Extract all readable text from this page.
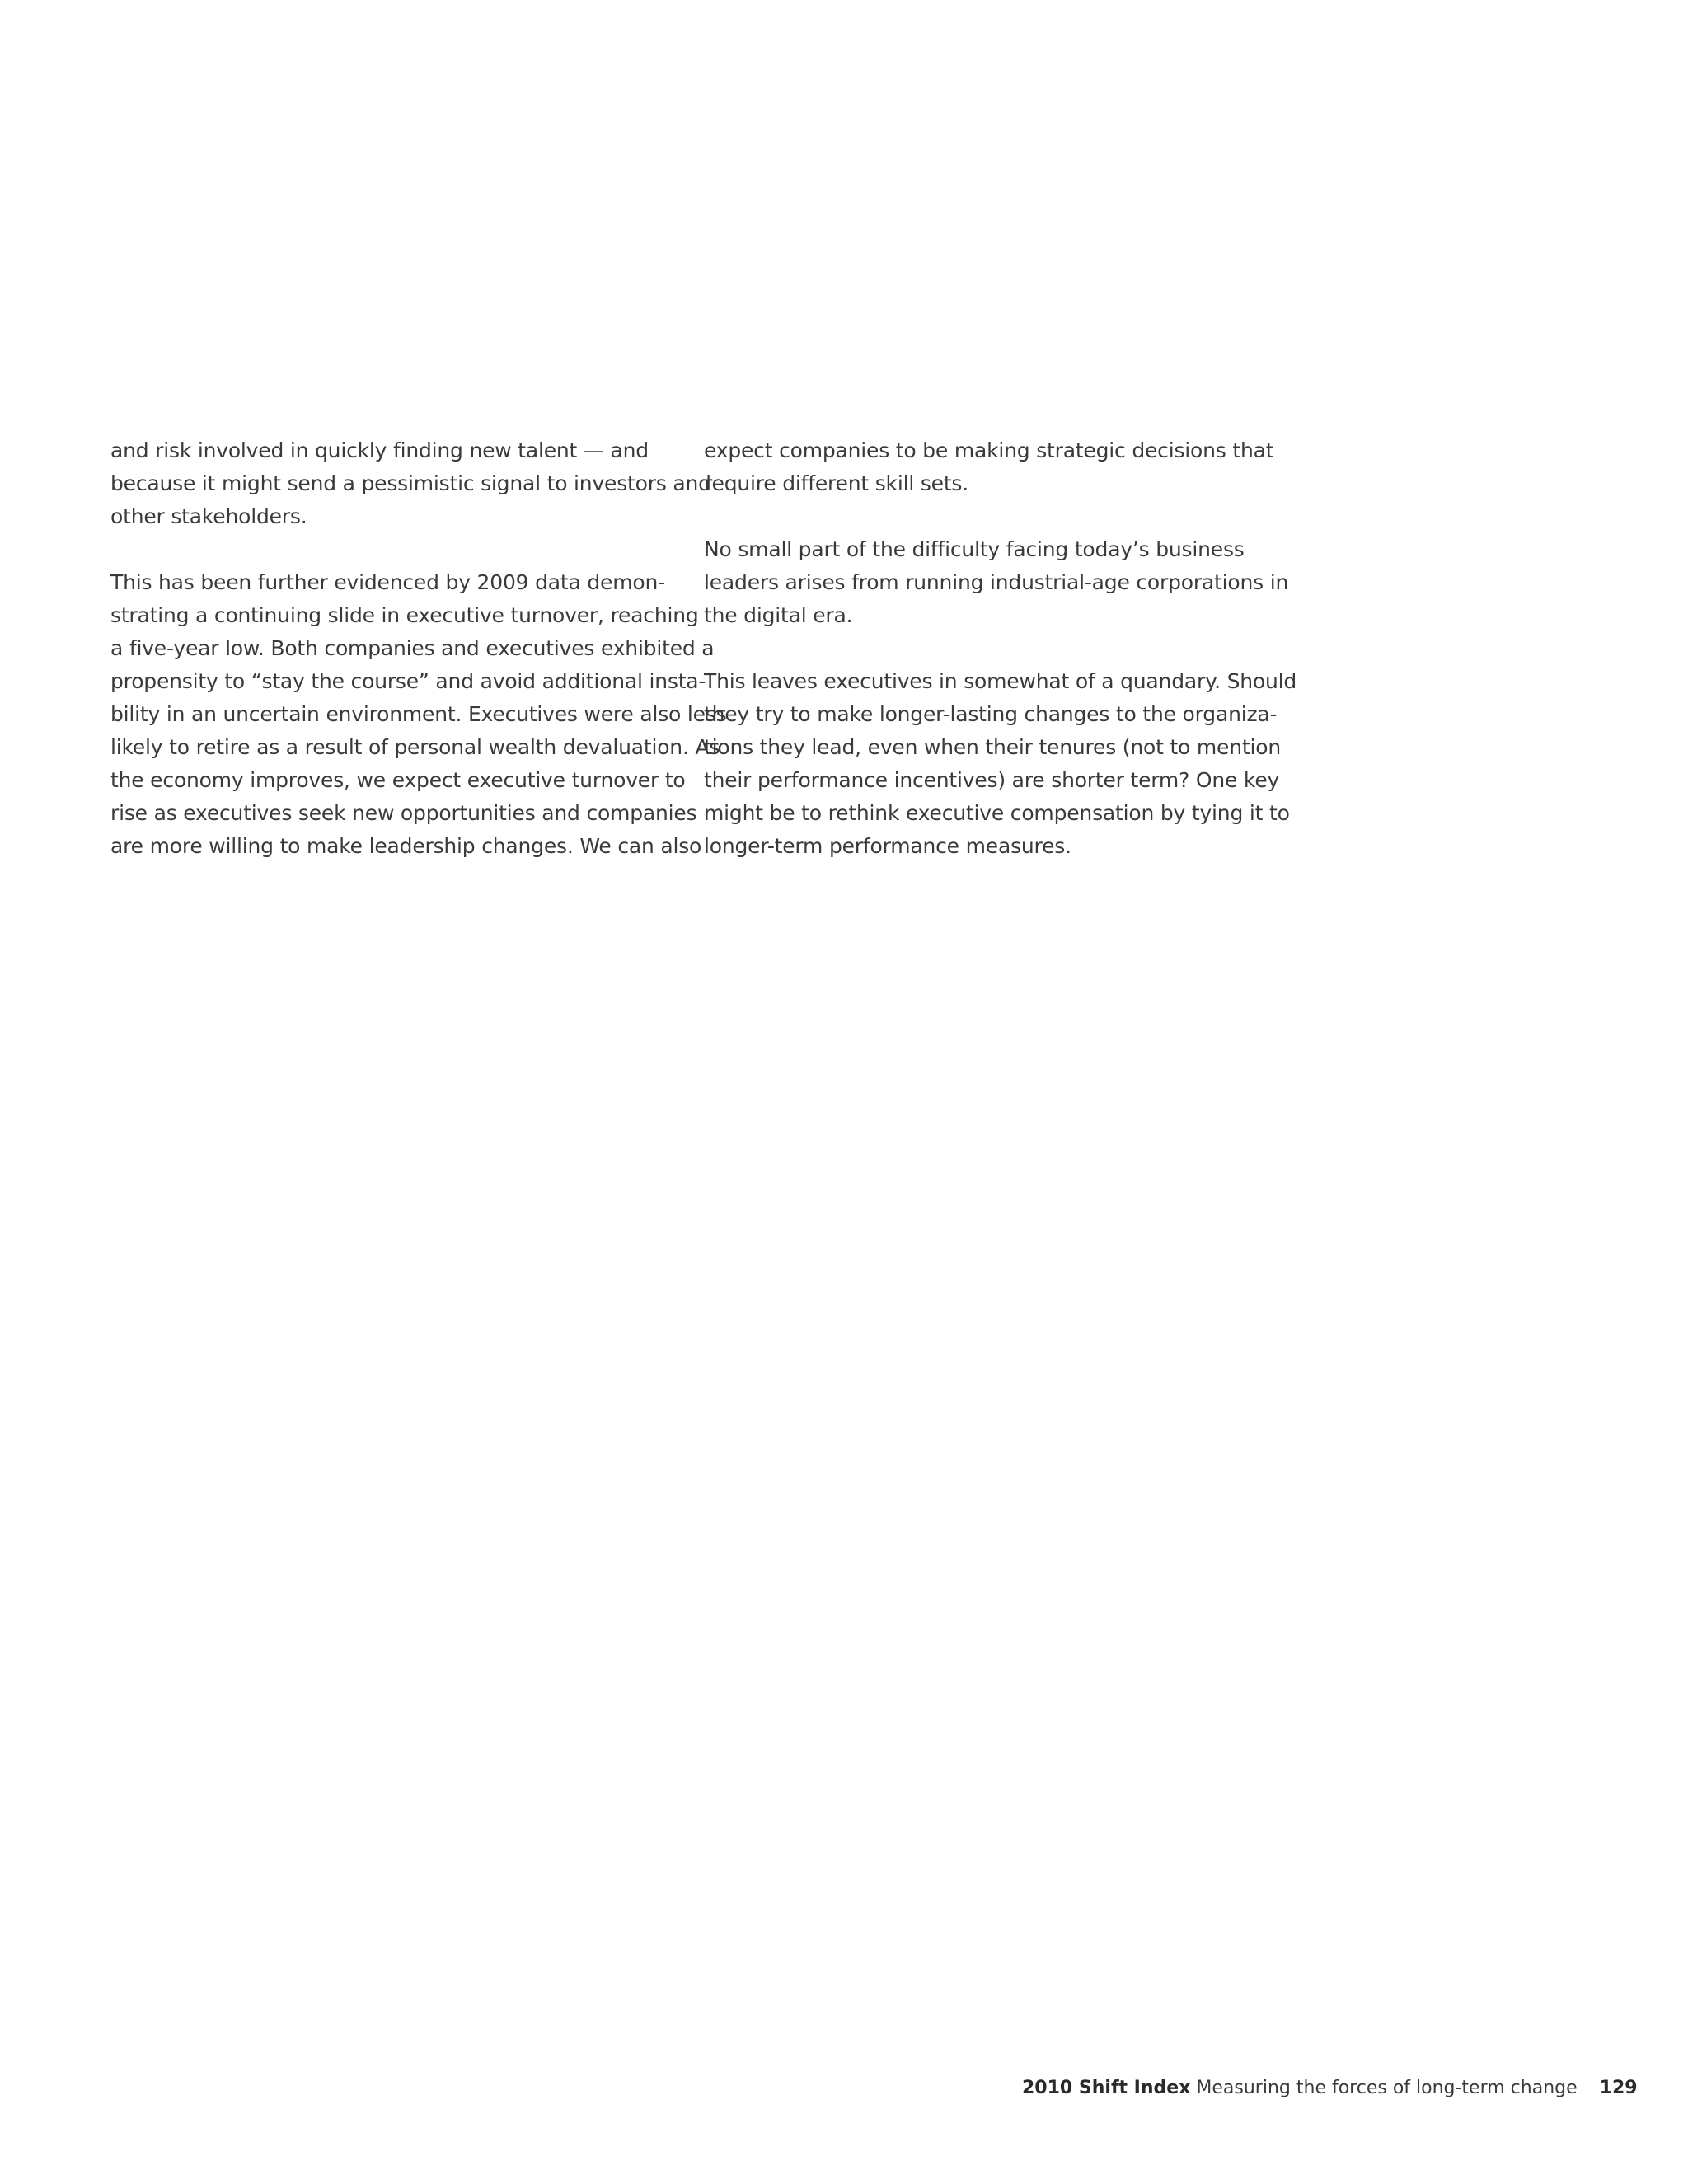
and risk involved in quickly finding new talent — and
because it might send a pessimistic signal to investors and
other stakeholders.
This has been further evidenced by 2009 data demon-
strating a continuing slide in executive turnover, reaching
a five-year low. Both companies and executives exhibited a
propensity to “stay the course” and avoid additional insta-
bility in an uncertain environment. Executives were also less
likely to retire as a result of personal wealth devaluation. As
the economy improves, we expect executive turnover to
rise as executives seek new opportunities and companies
are more willing to make leadership changes. We can also
expect companies to be making strategic decisions that
require different skill sets.
No small part of the difficulty facing today’s business
leaders arises from running industrial-age corporations in
the digital era.
This leaves executives in somewhat of a quandary. Should
they try to make longer-lasting changes to the organiza-
tions they lead, even when their tenures (not to mention
their performance incentives) are shorter term? One key
might be to rethink executive compensation by tying it to
longer-term performance measures.
2010 Shift Index Measuring the forces of long-term change 129
